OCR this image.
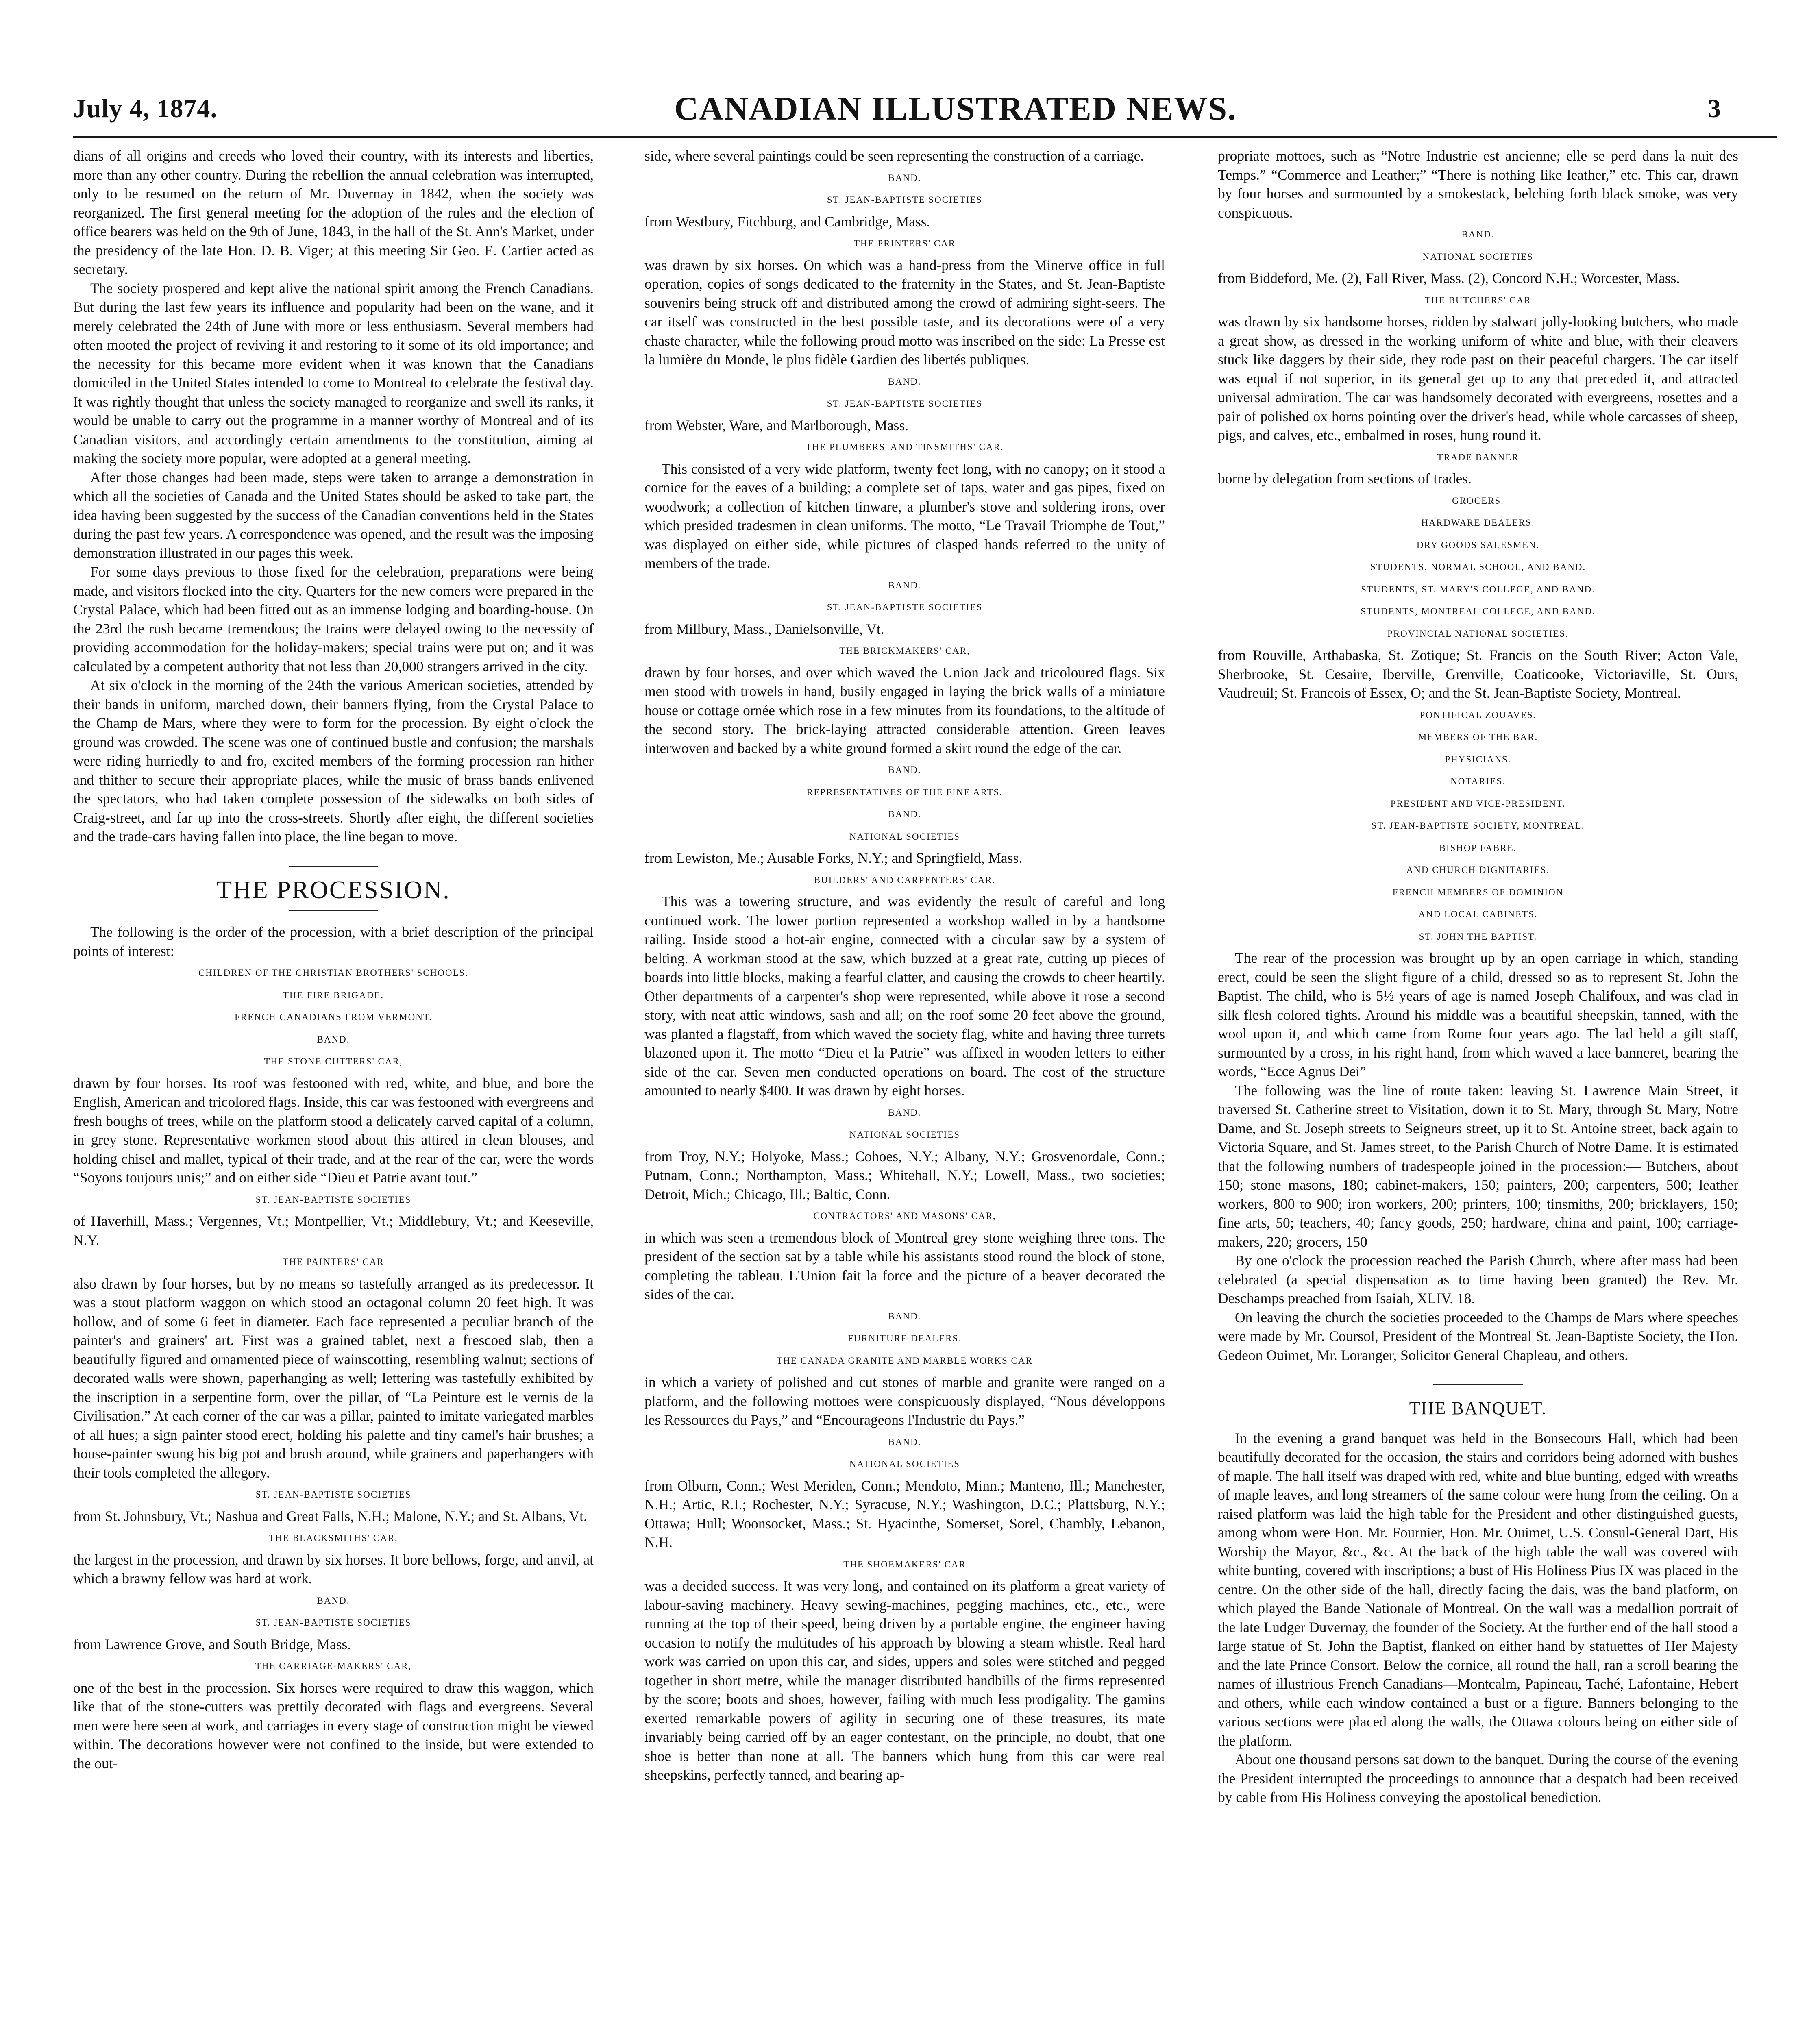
July 4, 1874.	CANADIAN ILLUSTRATED NEWS.	3

dians of all origins and creeds who loved their country, with its interests and liberties, more than any other country. During the rebellion the annual celebration was interrupted, only to be resumed on the return of Mr. Duvernay in 1842, when the society was reorganized. The first general meeting for the adoption of the rules and the election of office bearers was held on the 9th of June, 1843, in the hall of the St. Ann's Market, under the presidency of the late Hon. D. B. Viger; at this meeting Sir Geo. E. Cartier acted as secretary.

The society prospered and kept alive the national spirit among the French Canadians. But during the last few years its influence and popularity had been on the wane, and it merely celebrated the 24th of June with more or less enthusiasm. Several members had often mooted the project of reviving it and restoring to it some of its old importance; and the necessity for this became more evident when it was known that the Canadians domiciled in the United States intended to come to Montreal to celebrate the festival day. It was rightly thought that unless the society managed to reorganize and swell its ranks, it would be unable to carry out the programme in a manner worthy of Montreal and of its Canadian visitors, and accordingly certain amendments to the constitution, aiming at making the society more popular, were adopted at a general meeting.

After those changes had been made, steps were taken to arrange a demonstration in which all the societies of Canada and the United States should be asked to take part, the idea having been suggested by the success of the Canadian conventions held in the States during the past few years. A correspondence was opened, and the result was the imposing demonstration illustrated in our pages this week.

For some days previous to those fixed for the celebration, preparations were being made, and visitors flocked into the city. Quarters for the new comers were prepared in the Crystal Palace, which had been fitted out as an immense lodging and boarding-house. On the 23rd the rush became tremendous; the trains were delayed owing to the necessity of providing accommodation for the holiday-makers; special trains were put on; and it was calculated by a competent authority that not less than 20,000 strangers arrived in the city.

At six o'clock in the morning of the 24th the various American societies, attended by their bands in uniform, marched down, their banners flying, from the Crystal Palace to the Champ de Mars, where they were to form for the procession. By eight o'clock the ground was crowded. The scene was one of continued bustle and confusion; the marshals were riding hurriedly to and fro, excited members of the forming procession ran hither and thither to secure their appropriate places, while the music of brass bands enlivened the spectators, who had taken complete possession of the sidewalks on both sides of Craig-street, and far up into the cross-streets. Shortly after eight, the different societies and the trade-cars having fallen into place, the line began to move.

THE PROCESSION.

The following is the order of the procession, with a brief description of the principal points of interest:

CHILDREN OF THE CHRISTIAN BROTHERS' SCHOOLS.
THE FIRE BRIGADE.
FRENCH CANADIANS FROM VERMONT.
BAND.
THE STONE CUTTERS' CAR,

drawn by four horses. Its roof was festooned with red, white, and blue, and bore the English, American and tricolored flags. Inside, this car was festooned with evergreens and fresh boughs of trees, while on the platform stood a delicately carved capital of a column, in grey stone. Representative workmen stood about this attired in clean blouses, and holding chisel and mallet, typical of their trade, and at the rear of the car, were the words “Soyons toujours unis;” and on either side “Dieu et Patrie avant tout.”

ST. JEAN-BAPTISTE SOCIETIES

of Haverhill, Mass.; Vergennes, Vt.; Montpellier, Vt.; Middlebury, Vt.; and Keeseville, N.Y.

THE PAINTERS' CAR

also drawn by four horses, but by no means so tastefully arranged as its predecessor. It was a stout platform waggon on which stood an octagonal column 20 feet high. It was hollow, and of some 6 feet in diameter. Each face represented a peculiar branch of the painter's and grainers' art. First was a grained tablet, next a frescoed slab, then a beautifully figured and ornamented piece of wainscotting, resembling walnut; sections of decorated walls were shown, paperhanging as well; lettering was tastefully exhibited by the inscription in a serpentine form, over the pillar, of “La Peinture est le vernis de la Civilisation.” At each corner of the car was a pillar, painted to imitate variegated marbles of all hues; a sign painter stood erect, holding his palette and tiny camel's hair brushes; a house-painter swung his big pot and brush around, while grainers and paperhangers with their tools completed the allegory.

ST. JEAN-BAPTISTE SOCIETIES

from St. Johnsbury, Vt.; Nashua and Great Falls, N.H.; Malone, N.Y.; and St. Albans, Vt.

THE BLACKSMITHS' CAR,

the largest in the procession, and drawn by six horses. It bore bellows, forge, and anvil, at which a brawny fellow was hard at work.

BAND.
ST. JEAN-BAPTISTE SOCIETIES

from Lawrence Grove, and South Bridge, Mass.

THE CARRIAGE-MAKERS' CAR,

one of the best in the procession. Six horses were required to draw this waggon, which like that of the stone-cutters was prettily decorated with flags and evergreens. Several men were here seen at work, and carriages in every stage of construction might be viewed within. The decorations however were not confined to the inside, but were extended to the out-

side, where several paintings could be seen representing the construction of a carriage.

BAND.
ST. JEAN-BAPTISTE SOCIETIES

from Westbury, Fitchburg, and Cambridge, Mass.

THE PRINTERS' CAR

was drawn by six horses. On which was a hand-press from the Minerve office in full operation, copies of songs dedicated to the fraternity in the States, and St. Jean-Baptiste souvenirs being struck off and distributed among the crowd of admiring sight-seers. The car itself was constructed in the best possible taste, and its decorations were of a very chaste character, while the following proud motto was inscribed on the side: La Presse est la lumière du Monde, le plus fidèle Gardien des libertés publiques.

BAND.
ST. JEAN-BAPTISTE SOCIETIES

from Webster, Ware, and Marlborough, Mass.

THE PLUMBERS' AND TINSMITHS' CAR.

This consisted of a very wide platform, twenty feet long, with no canopy; on it stood a cornice for the eaves of a building; a complete set of taps, water and gas pipes, fixed on woodwork; a collection of kitchen tinware, a plumber's stove and soldering irons, over which presided tradesmen in clean uniforms. The motto, “Le Travail Triomphe de Tout,” was displayed on either side, while pictures of clasped hands referred to the unity of members of the trade.

BAND.
ST. JEAN-BAPTISTE SOCIETIES

from Millbury, Mass., Danielsonville, Vt.

THE BRICKMAKERS' CAR,

drawn by four horses, and over which waved the Union Jack and tricoloured flags. Six men stood with trowels in hand, busily engaged in laying the brick walls of a miniature house or cottage ornée which rose in a few minutes from its foundations, to the altitude of the second story. The brick-laying attracted considerable attention. Green leaves interwoven and backed by a white ground formed a skirt round the edge of the car.

BAND.
REPRESENTATIVES OF THE FINE ARTS.
BAND.
NATIONAL SOCIETIES

from Lewiston, Me.; Ausable Forks, N.Y.; and Springfield, Mass.

BUILDERS' AND CARPENTERS' CAR.

This was a towering structure, and was evidently the result of careful and long continued work. The lower portion represented a workshop walled in by a handsome railing. Inside stood a hot-air engine, connected with a circular saw by a system of belting. A workman stood at the saw, which buzzed at a great rate, cutting up pieces of boards into little blocks, making a fearful clatter, and causing the crowds to cheer heartily. Other departments of a carpenter's shop were represented, while above it rose a second story, with neat attic windows, sash and all; on the roof some 20 feet above the ground, was planted a flagstaff, from which waved the society flag, white and having three turrets blazoned upon it. The motto “Dieu et la Patrie” was affixed in wooden letters to either side of the car. Seven men conducted operations on board. The cost of the structure amounted to nearly $400. It was drawn by eight horses.

BAND.
NATIONAL SOCIETIES

from Troy, N.Y.; Holyoke, Mass.; Cohoes, N.Y.; Albany, N.Y.; Grosvenordale, Conn.; Putnam, Conn.; Northampton, Mass.; Whitehall, N.Y.; Lowell, Mass., two societies; Detroit, Mich.; Chicago, Ill.; Baltic, Conn.

CONTRACTORS' AND MASONS' CAR,

in which was seen a tremendous block of Montreal grey stone weighing three tons. The president of the section sat by a table while his assistants stood round the block of stone, completing the tableau. L'Union fait la force and the picture of a beaver decorated the sides of the car.

BAND.
FURNITURE DEALERS.
THE CANADA GRANITE AND MARBLE WORKS CAR

in which a variety of polished and cut stones of marble and granite were ranged on a platform, and the following mottoes were conspicuously displayed, “Nous développons les Ressources du Pays,” and “Encourageons l'Industrie du Pays.”

BAND.
NATIONAL SOCIETIES

from Olburn, Conn.; West Meriden, Conn.; Mendoto, Minn.; Manteno, Ill.; Manchester, N.H.; Artic, R.I.; Rochester, N.Y.; Syracuse, N.Y.; Washington, D.C.; Plattsburg, N.Y.; Ottawa; Hull; Woonsocket, Mass.; St. Hyacinthe, Somerset, Sorel, Chambly, Lebanon, N.H.

THE SHOEMAKERS' CAR

was a decided success. It was very long, and contained on its platform a great variety of labour-saving machinery. Heavy sewing-machines, pegging machines, etc., etc., were running at the top of their speed, being driven by a portable engine, the engineer having occasion to notify the multitudes of his approach by blowing a steam whistle. Real hard work was carried on upon this car, and sides, uppers and soles were stitched and pegged together in short metre, while the manager distributed handbills of the firms represented by the score; boots and shoes, however, failing with much less prodigality. The gamins exerted remarkable powers of agility in securing one of these treasures, its mate invariably being carried off by an eager contestant, on the principle, no doubt, that one shoe is better than none at all. The banners which hung from this car were real sheepskins, perfectly tanned, and bearing ap-

propriate mottoes, such as “Notre Industrie est ancienne; elle se perd dans la nuit des Temps.” “Commerce and Leather;” “There is nothing like leather,” etc. This car, drawn by four horses and surmounted by a smokestack, belching forth black smoke, was very conspicuous.

BAND.
NATIONAL SOCIETIES

from Biddeford, Me. (2), Fall River, Mass. (2), Concord N.H.; Worcester, Mass.

THE BUTCHERS' CAR

was drawn by six handsome horses, ridden by stalwart jolly-looking butchers, who made a great show, as dressed in the working uniform of white and blue, with their cleavers stuck like daggers by their side, they rode past on their peaceful chargers. The car itself was equal if not superior, in its general get up to any that preceded it, and attracted universal admiration. The car was handsomely decorated with evergreens, rosettes and a pair of polished ox horns pointing over the driver's head, while whole carcasses of sheep, pigs, and calves, etc., embalmed in roses, hung round it.

TRADE BANNER

borne by delegation from sections of trades.

GROCERS.
HARDWARE DEALERS.
DRY GOODS SALESMEN.
STUDENTS, NORMAL SCHOOL, AND BAND.
STUDENTS, ST. MARY'S COLLEGE, AND BAND.
STUDENTS, MONTREAL COLLEGE, AND BAND.
PROVINCIAL NATIONAL SOCIETIES,

from Rouville, Arthabaska, St. Zotique; St. Francis on the South River; Acton Vale, Sherbrooke, St. Cesaire, Iberville, Grenville, Coaticooke, Victoriaville, St. Ours, Vaudreuil; St. Francois of Essex, O; and the St. Jean-Baptiste Society, Montreal.

PONTIFICAL ZOUAVES.
MEMBERS OF THE BAR.
PHYSICIANS.
NOTARIES.
PRESIDENT AND VICE-PRESIDENT.
ST. JEAN-BAPTISTE SOCIETY, MONTREAL.
BISHOP FABRE,
AND CHURCH DIGNITARIES.
FRENCH MEMBERS OF DOMINION
AND LOCAL CABINETS.
ST. JOHN THE BAPTIST.

The rear of the procession was brought up by an open carriage in which, standing erect, could be seen the slight figure of a child, dressed so as to represent St. John the Baptist. The child, who is 5½ years of age is named Joseph Chalifoux, and was clad in silk flesh colored tights. Around his middle was a beautiful sheepskin, tanned, with the wool upon it, and which came from Rome four years ago. The lad held a gilt staff, surmounted by a cross, in his right hand, from which waved a lace banneret, bearing the words, “Ecce Agnus Dei”

The following was the line of route taken: leaving St. Lawrence Main Street, it traversed St. Catherine street to Visitation, down it to St. Mary, through St. Mary, Notre Dame, and St. Joseph streets to Seigneurs street, up it to St. Antoine street, back again to Victoria Square, and St. James street, to the Parish Church of Notre Dame. It is estimated that the following numbers of tradespeople joined in the procession:— Butchers, about 150; stone masons, 180; cabinet-makers, 150; painters, 200; carpenters, 500; leather workers, 800 to 900; iron workers, 200; printers, 100; tinsmiths, 200; bricklayers, 150; fine arts, 50; teachers, 40; fancy goods, 250; hardware, china and paint, 100; carriage-makers, 220; grocers, 150

By one o'clock the procession reached the Parish Church, where after mass had been celebrated (a special dispensation as to time having been granted) the Rev. Mr. Deschamps preached from Isaiah, XLIV. 18.

On leaving the church the societies proceeded to the Champs de Mars where speeches were made by Mr. Coursol, President of the Montreal St. Jean-Baptiste Society, the Hon. Gedeon Ouimet, Mr. Loranger, Solicitor General Chapleau, and others.

THE BANQUET.

In the evening a grand banquet was held in the Bonsecours Hall, which had been beautifully decorated for the occasion, the stairs and corridors being adorned with bushes of maple. The hall itself was draped with red, white and blue bunting, edged with wreaths of maple leaves, and long streamers of the same colour were hung from the ceiling. On a raised platform was laid the high table for the President and other distinguished guests, among whom were Hon. Mr. Fournier, Hon. Mr. Ouimet, U.S. Consul-General Dart, His Worship the Mayor, &c., &c. At the back of the high table the wall was covered with white bunting, covered with inscriptions; a bust of His Holiness Pius IX was placed in the centre. On the other side of the hall, directly facing the dais, was the band platform, on which played the Bande Nationale of Montreal. On the wall was a medallion portrait of the late Ludger Duvernay, the founder of the Society. At the further end of the hall stood a large statue of St. John the Baptist, flanked on either hand by statuettes of Her Majesty and the late Prince Consort. Below the cornice, all round the hall, ran a scroll bearing the names of illustrious French Canadians—Montcalm, Papineau, Taché, Lafontaine, Hebert and others, while each window contained a bust or a figure. Banners belonging to the various sections were placed along the walls, the Ottawa colours being on either side of the platform.

About one thousand persons sat down to the banquet. During the course of the evening the President interrupted the proceedings to announce that a despatch had been received by cable from His Holiness conveying the apostolical benediction.
